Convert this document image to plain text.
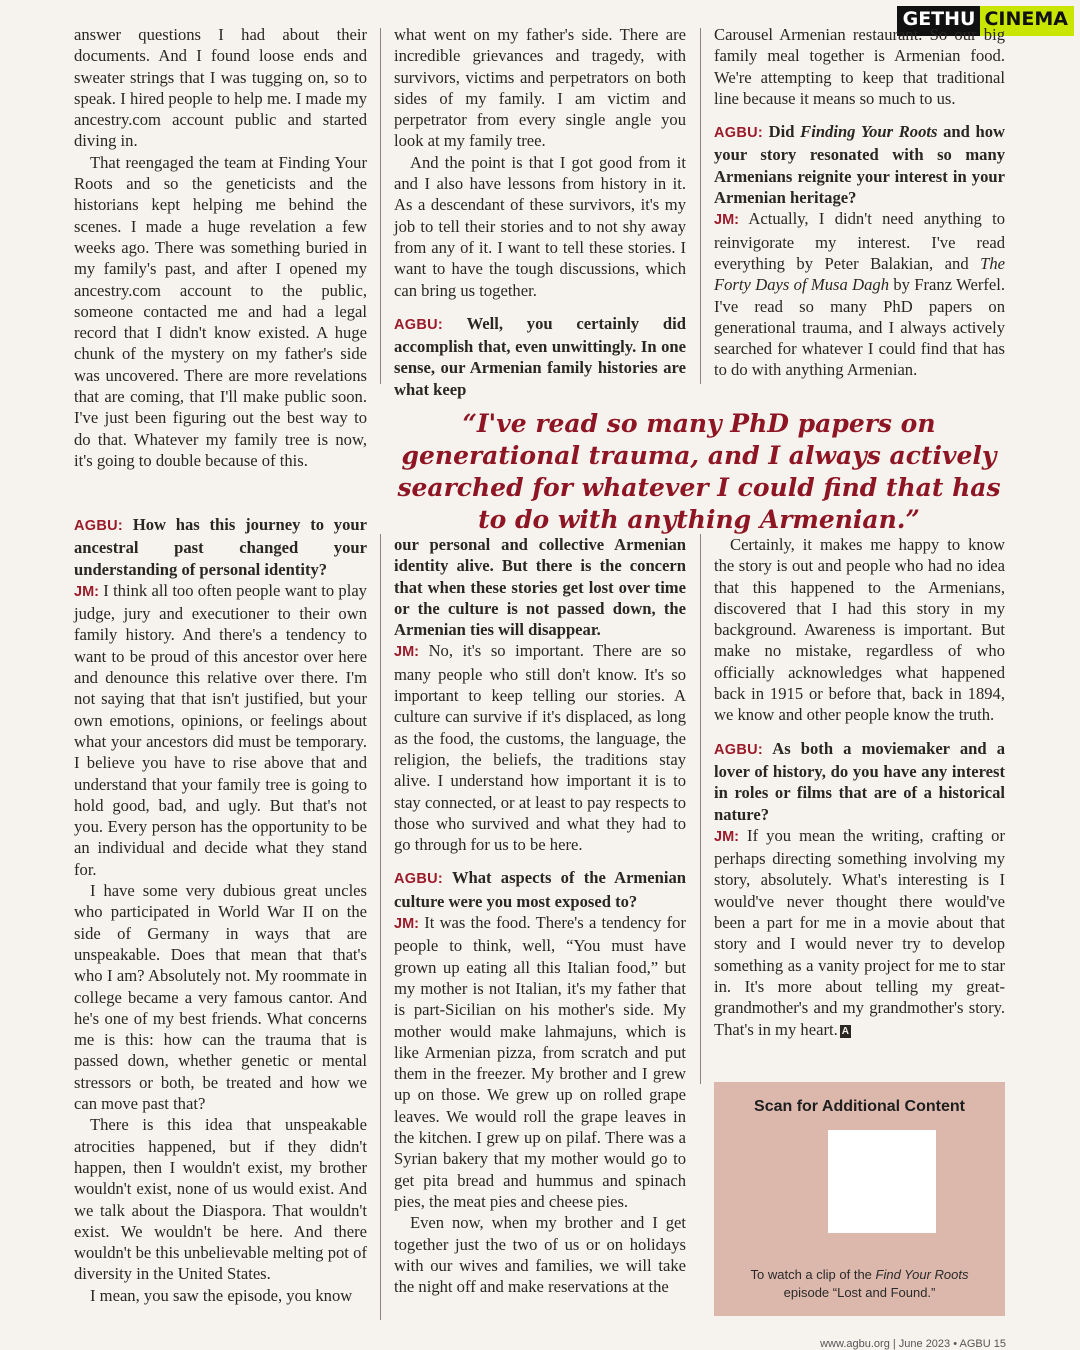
GETHU CINEMA

answer questions I had about their documents. And I found loose ends and sweater strings that I was tugging on, so to speak. I hired people to help me. I made my ancestry.com account public and started diving in.

That reengaged the team at Finding Your Roots and so the geneticists and the historians kept helping me behind the scenes. I made a huge revelation a few weeks ago. There was something buried in my family's past, and after I opened my ancestry.com account to the public, someone contacted me and had a legal record that I didn't know existed. A huge chunk of the mystery on my father's side was uncovered. There are more revelations that are coming, that I'll make public soon. I've just been figuring out the best way to do that. Whatever my family tree is now, it's going to double because of this.

what went on my father's side. There are incredible grievances and tragedy, with survivors, victims and perpetrators on both sides of my family. I am victim and perpetrator from every single angle you look at my family tree.

And the point is that I got good from it and I also have lessons from history in it. As a descendant of these survivors, it's my job to tell their stories and to not shy away from any of it. I want to tell these stories. I want to have the tough discussions, which can bring us together.

AGBU: Well, you certainly did accomplish that, even unwittingly. In one sense, our Armenian family histories are what keep

Carousel Armenian restaurant. So our big family meal together is Armenian food. We're attempting to keep that traditional line because it means so much to us.

AGBU: Did Finding Your Roots and how your story resonated with so many Armenians reignite your interest in your Armenian heritage?

JM: Actually, I didn't need anything to reinvigorate my interest. I've read everything by Peter Balakian, and The Forty Days of Musa Dagh by Franz Werfel. I've read so many PhD papers on generational trauma, and I always actively searched for whatever I could find that has to do with anything Armenian.

“I've read so many PhD papers on generational trauma, and I always actively searched for whatever I could find that has to do with anything Armenian.”

AGBU: How has this journey to your ancestral past changed your understanding of personal identity?

JM: I think all too often people want to play judge, jury and executioner to their own family history. And there's a tendency to want to be proud of this ancestor over here and denounce this relative over there. I'm not saying that that isn't justified, but your own emotions, opinions, or feelings about what your ancestors did must be temporary. I believe you have to rise above that and understand that your family tree is going to hold good, bad, and ugly. But that's not you. Every person has the opportunity to be an individual and decide what they stand for.

I have some very dubious great uncles who participated in World War II on the side of Germany in ways that are unspeakable. Does that mean that that's who I am? Absolutely not. My roommate in college became a very famous cantor. And he's one of my best friends. What concerns me is this: how can the trauma that is passed down, whether genetic or mental stressors or both, be treated and how we can move past that?

There is this idea that unspeakable atrocities happened, but if they didn't happen, then I wouldn't exist, my brother wouldn't exist, none of us would exist. And we talk about the Diaspora. That wouldn't exist. We wouldn't be here. And there wouldn't be this unbelievable melting pot of diversity in the United States.

I mean, you saw the episode, you know

our personal and collective Armenian identity alive. But there is the concern that when these stories get lost over time or the culture is not passed down, the Armenian ties will disappear.

JM: No, it's so important. There are so many people who still don't know. It's so important to keep telling our stories. A culture can survive if it's displaced, as long as the food, the customs, the language, the religion, the beliefs, the traditions stay alive. I understand how important it is to stay connected, or at least to pay respects to those who survived and what they had to go through for us to be here.

AGBU: What aspects of the Armenian culture were you most exposed to?

JM: It was the food. There's a tendency for people to think, well, “You must have grown up eating all this Italian food,” but my mother is not Italian, it's my father that is part-Sicilian on his mother's side. My mother would make lahmajuns, which is like Armenian pizza, from scratch and put them in the freezer. My brother and I grew up on those. We grew up on rolled grape leaves. We would roll the grape leaves in the kitchen. I grew up on pilaf. There was a Syrian bakery that my mother would go to get pita bread and hummus and spinach pies, the meat pies and cheese pies.

Even now, when my brother and I get together just the two of us or on holidays with our wives and families, we will take the night off and make reservations at the

Certainly, it makes me happy to know the story is out and people who had no idea that this happened to the Armenians, discovered that I had this story in my background. Awareness is important. But make no mistake, regardless of who officially acknowledges what happened back in 1915 or before that, back in 1894, we know and other people know the truth.

AGBU: As both a moviemaker and a lover of history, do you have any interest in roles or films that are of a historical nature?

JM: If you mean the writing, crafting or perhaps directing something involving my story, absolutely. What's interesting is I would've never thought there would've been a part for me in a movie about that story and I would never try to develop something as a vanity project for me to star in. It's more about telling my great-grandmother's and my grandmother's story. That's in my heart. A

Scan for Additional Content
To watch a clip of the Find Your Roots episode “Lost and Found.”
www.agbu.org | June 2023 • AGBU 15
